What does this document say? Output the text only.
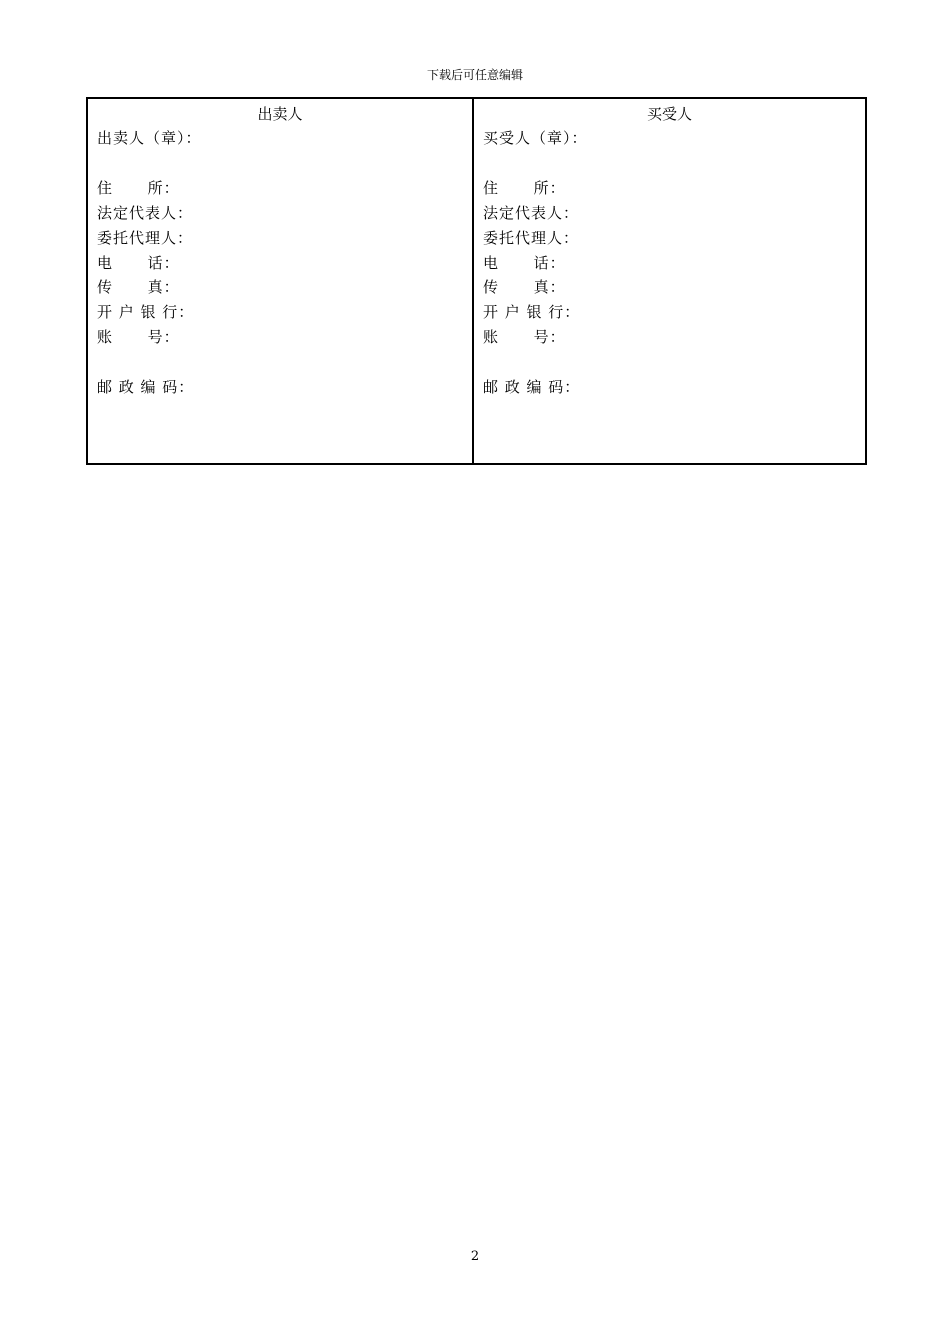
下载后可任意编辑
出卖人
出卖人（章）：
住      所：
法定代表人：
委托代理人：
电      话：
传      真：
开 户 银 行：
账      号：
邮 政 编 码：
买受人
买受人（章）：
住      所：
法定代表人：
委托代理人：
电      话：
传      真：
开 户 银 行：
账      号：
邮 政 编 码：
2
